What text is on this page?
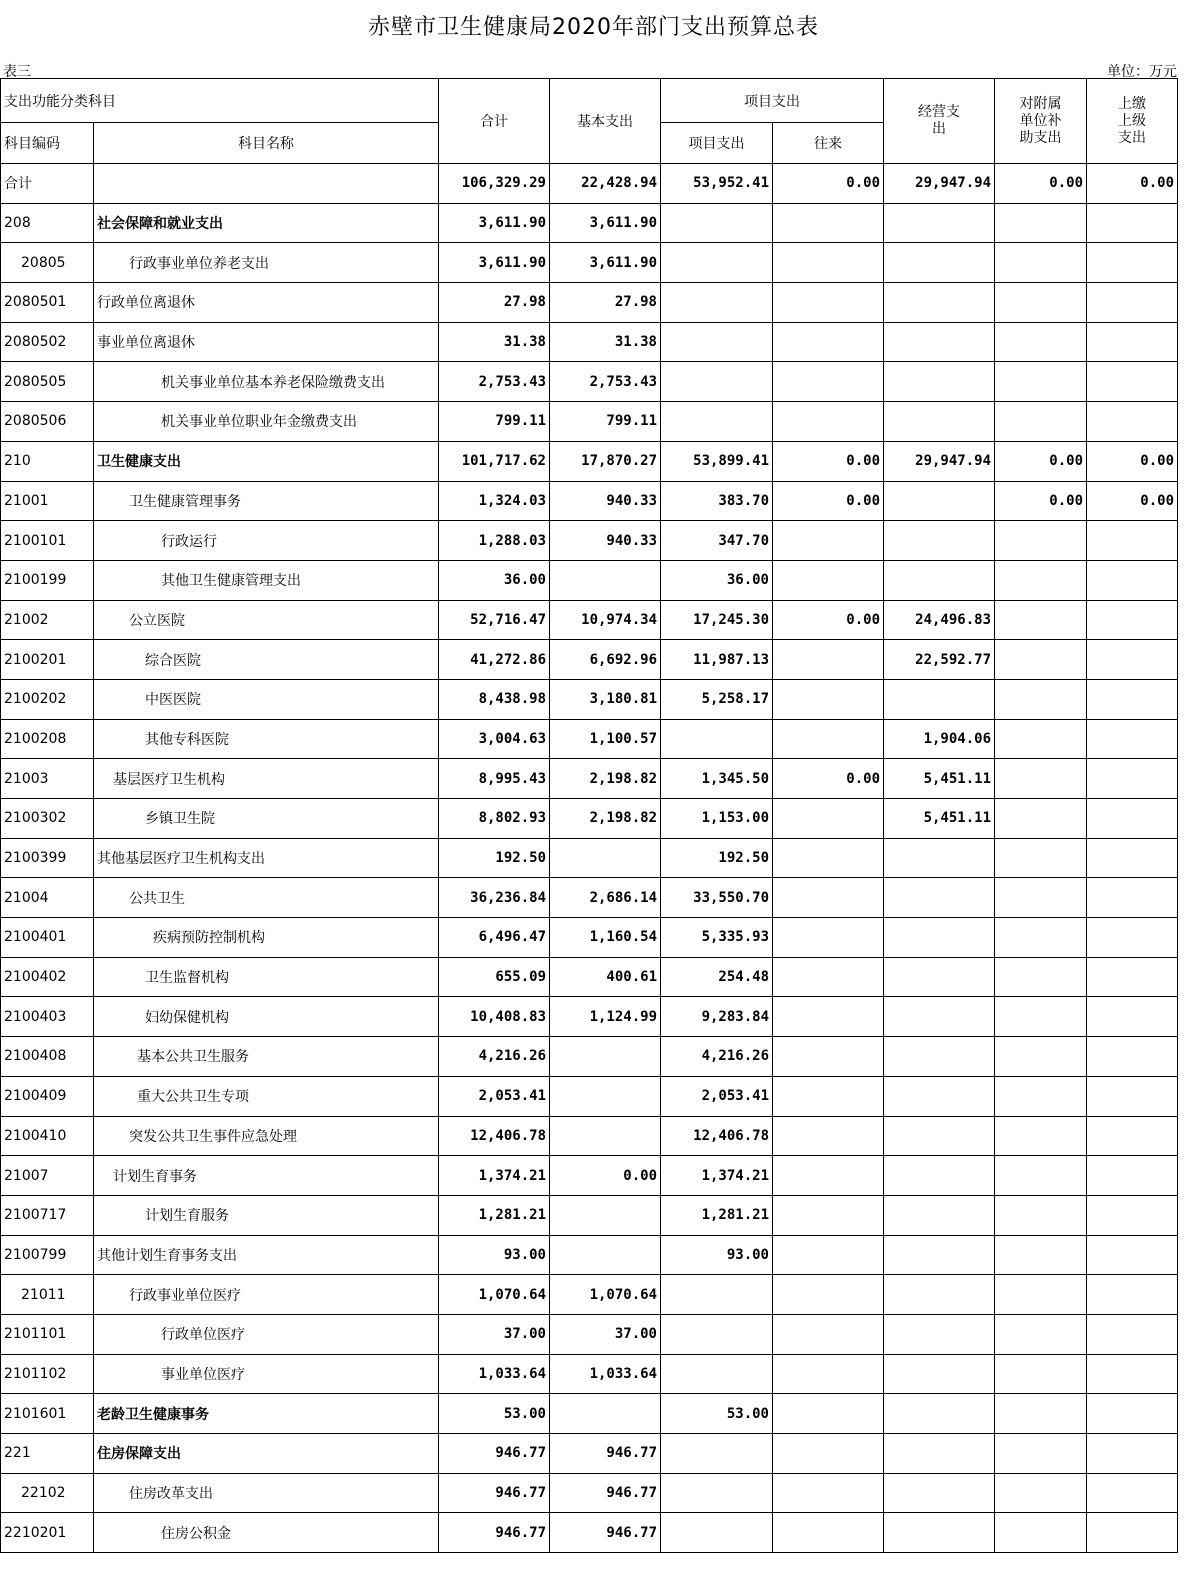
赤壁市卫生健康局2020年部门支出预算总表
表三	单位：万元
支出功能分类科目		合计	基本支出	项目支出		经营支出	对附属单位补助支出	上缴上级支出

科目编码	科目名称			项目支出	往来			
合计		106,329.29	22,428.94	53,952.41	0.00	29,947.94	0.00	0.00
208	社会保障和就业支出	3,611.90	3,611.90					
20805	行政事业单位养老支出	3,611.90	3,611.90					
2080501	行政单位离退休	27.98	27.98					
2080502	事业单位离退休	31.38	31.38					
2080505	机关事业单位基本养老保险缴费支出	2,753.43	2,753.43					
2080506	机关事业单位职业年金缴费支出	799.11	799.11					
210	卫生健康支出	101,717.62	17,870.27	53,899.41	0.00	29,947.94	0.00	0.00
21001	卫生健康管理事务	1,324.03	940.33	383.70	0.00		0.00	0.00
2100101	行政运行	1,288.03	940.33	347.70				
2100199	其他卫生健康管理支出	36.00		36.00				
21002	公立医院	52,716.47	10,974.34	17,245.30	0.00	24,496.83		
2100201	综合医院	41,272.86	6,692.96	11,987.13		22,592.77		
2100202	中医医院	8,438.98	3,180.81	5,258.17				
2100208	其他专科医院	3,004.63	1,100.57			1,904.06		
21003	基层医疗卫生机构	8,995.43	2,198.82	1,345.50	0.00	5,451.11		
2100302	乡镇卫生院	8,802.93	2,198.82	1,153.00		5,451.11		
2100399	其他基层医疗卫生机构支出	192.50		192.50				
21004	公共卫生	36,236.84	2,686.14	33,550.70				
2100401	疾病预防控制机构	6,496.47	1,160.54	5,335.93				
2100402	卫生监督机构	655.09	400.61	254.48				
2100403	妇幼保健机构	10,408.83	1,124.99	9,283.84				
2100408	基本公共卫生服务	4,216.26		4,216.26				
2100409	重大公共卫生专项	2,053.41		2,053.41				
2100410	突发公共卫生事件应急处理	12,406.78		12,406.78				
21007	计划生育事务	1,374.21	0.00	1,374.21				
2100717	计划生育服务	1,281.21		1,281.21				
2100799	其他计划生育事务支出	93.00		93.00				
21011	行政事业单位医疗	1,070.64	1,070.64					
2101101	行政单位医疗	37.00	37.00					
2101102	事业单位医疗	1,033.64	1,033.64					
2101601	老龄卫生健康事务	53.00		53.00				
221	住房保障支出	946.77	946.77					
22102	住房改革支出	946.77	946.77					
2210201	住房公积金	946.77	946.77					
